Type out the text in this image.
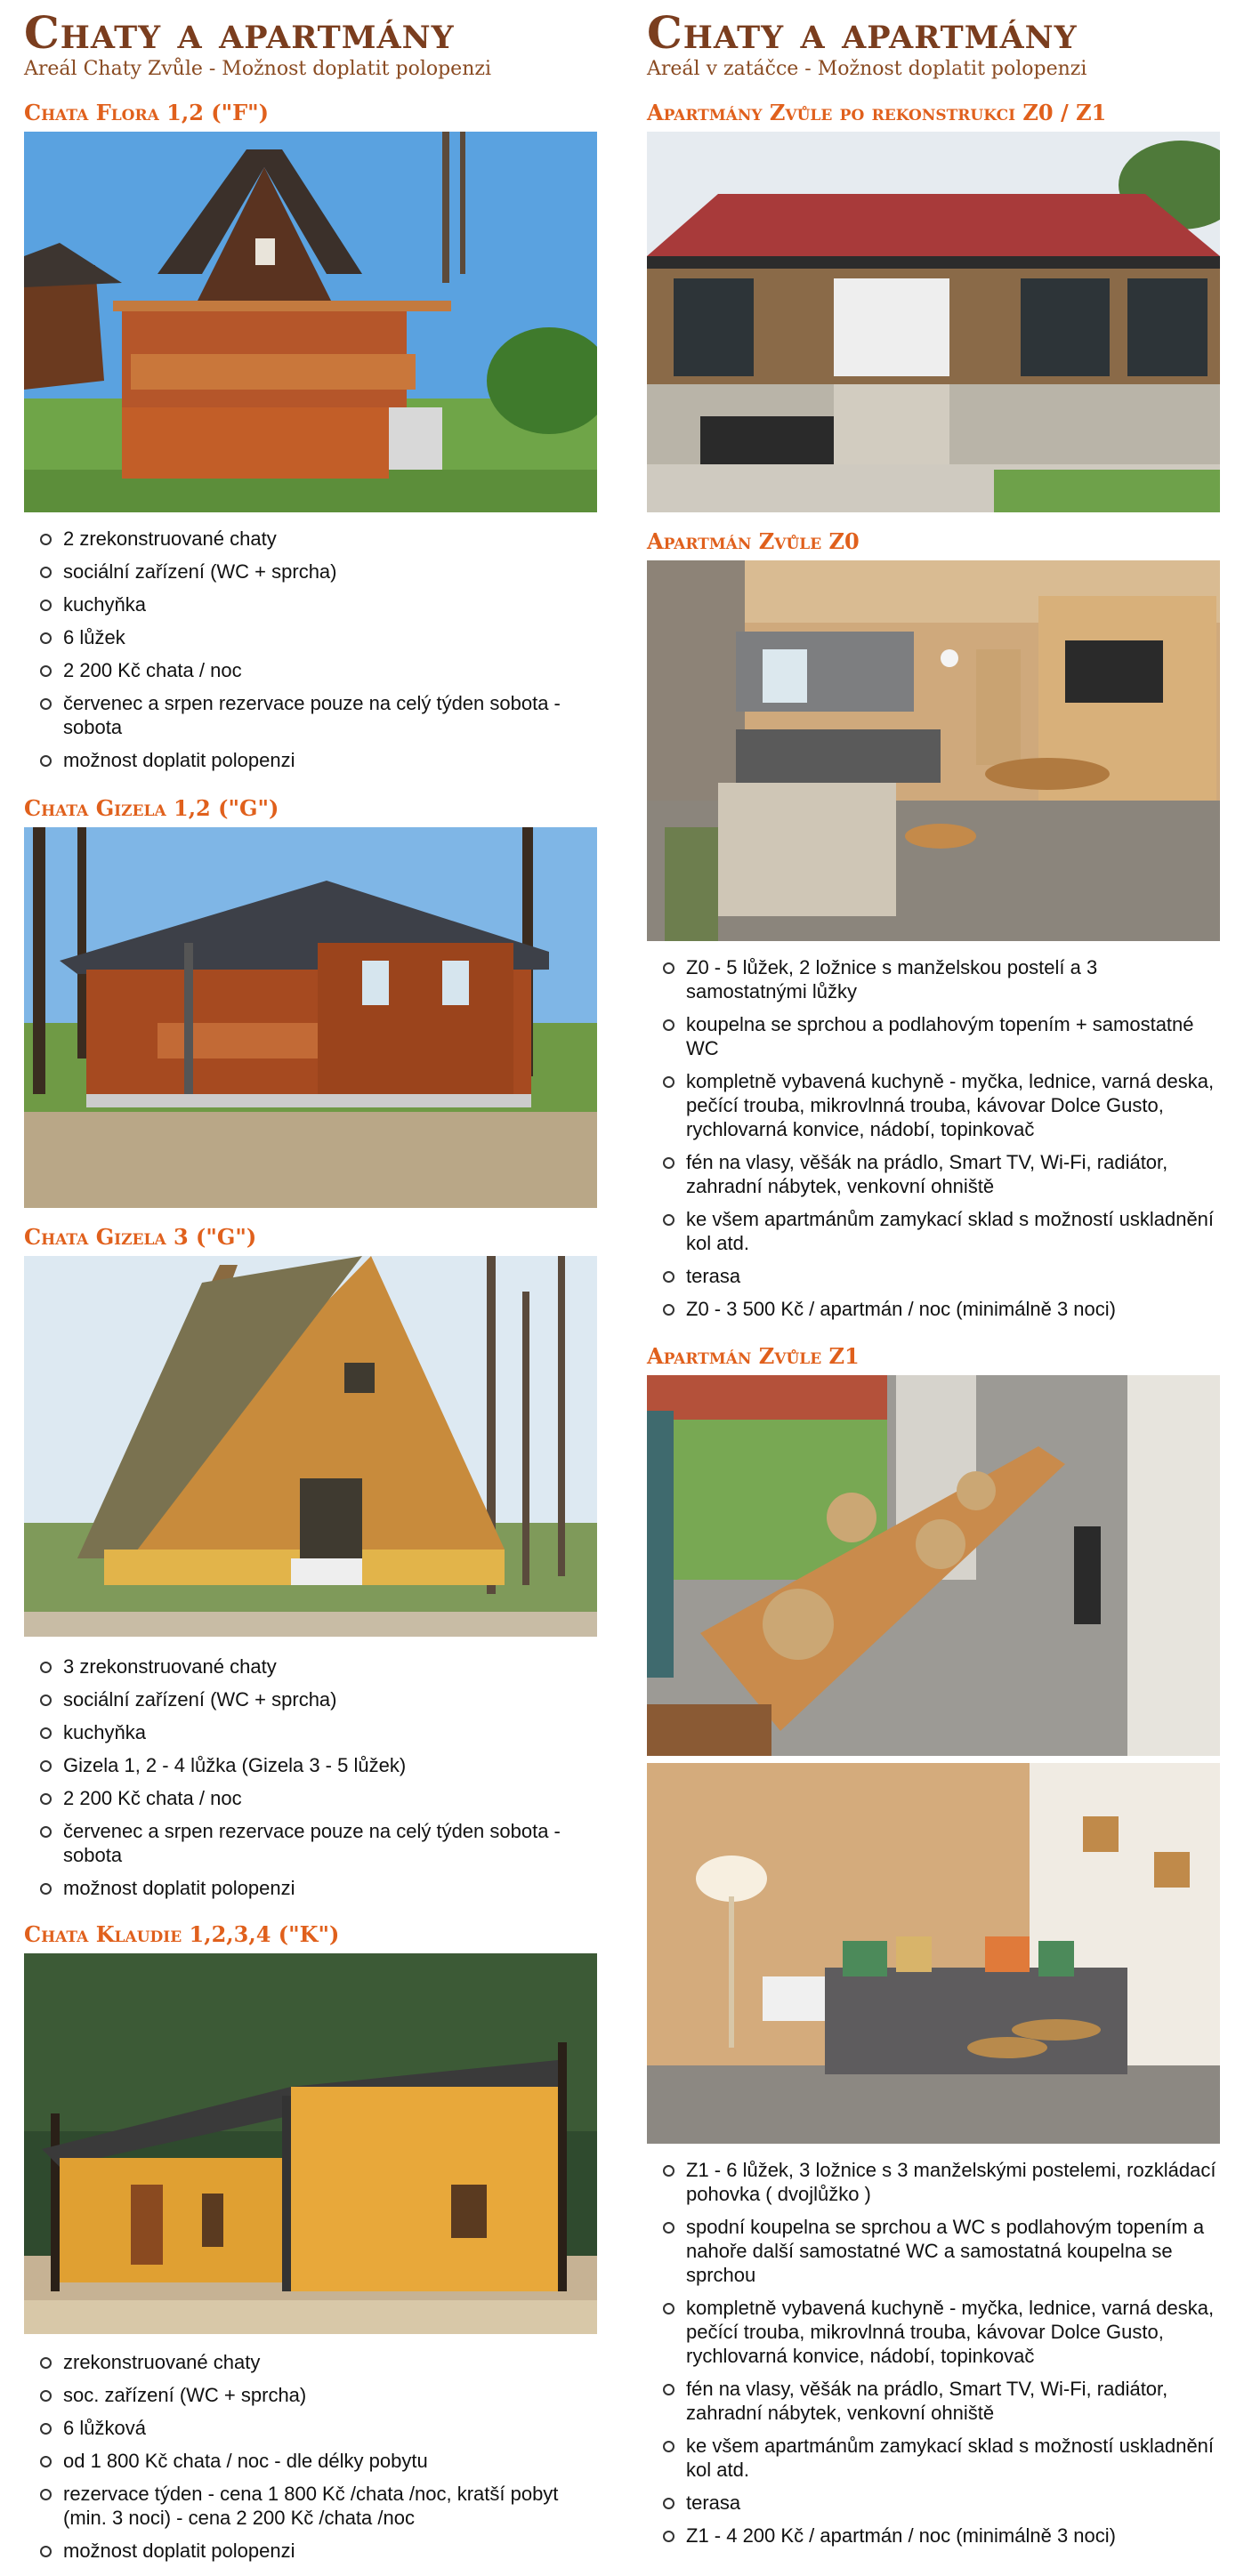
Chaty a apartmány
Areál Chaty Zvůle - Možnost doplatit polopenzi
Chata Flora 1,2 ("F")
2 zrekonstruované chaty
sociální zařízení (WC + sprcha)
kuchyňka
6 lůžek
2 200 Kč chata / noc
červenec a srpen rezervace pouze na celý týden sobota - sobota
možnost doplatit polopenzi
Chata Gizela 1,2 ("G")
Chata Gizela 3 ("G")
3 zrekonstruované chaty
sociální zařízení (WC + sprcha)
kuchyňka
Gizela 1, 2 - 4 lůžka (Gizela 3 - 5 lůžek)
2 200 Kč chata / noc
červenec a srpen rezervace pouze na celý týden sobota - sobota
možnost doplatit polopenzi
Chata Klaudie 1,2,3,4 ("K")
zrekonstruované chaty
soc. zařízení (WC + sprcha)
6 lůžková
od 1 800 Kč chata / noc - dle délky pobytu
rezervace týden - cena 1 800 Kč /chata /noc, kratší pobyt (min. 3 noci) - cena 2 200 Kč /chata /noc
možnost doplatit polopenzi
Chaty a apartmány
Areál v zatáčce - Možnost doplatit polopenzi
Apartmány Zvůle po rekonstrukci Z0 / Z1
Apartmán Zvůle Z0
Z0 - 5 lůžek, 2 ložnice s manželskou postelí a 3 samostatnými lůžky
koupelna se sprchou a podlahovým topením + samostatné WC
kompletně vybavená kuchyně - myčka, lednice, varná deska, pečící trouba, mikrovlnná trouba, kávovar Dolce Gusto, rychlovarná konvice, nádobí, topinkovač
fén na vlasy, věšák na prádlo, Smart TV, Wi-Fi, radiátor, zahradní nábytek, venkovní ohniště
ke všem apartmánům zamykací sklad s možností uskladnění kol atd.
terasa
Z0 - 3 500 Kč / apartmán / noc (minimálně 3 noci)
Apartmán Zvůle Z1
Z1 - 6 lůžek, 3 ložnice s 3 manželskými postelemi, rozkládací pohovka ( dvojlůžko )
spodní koupelna se sprchou a WC s podlahovým topením a nahoře další samostatné WC a samostatná koupelna se sprchou
kompletně vybavená kuchyně - myčka, lednice, varná deska, pečící trouba, mikrovlnná trouba, kávovar Dolce Gusto, rychlovarná konvice, nádobí, topinkovač
fén na vlasy, věšák na prádlo, Smart TV, Wi-Fi, radiátor, zahradní nábytek, venkovní ohniště
ke všem apartmánům zamykací sklad s možností uskladnění kol atd.
terasa
Z1 - 4 200 Kč / apartmán / noc (minimálně 3 noci)
